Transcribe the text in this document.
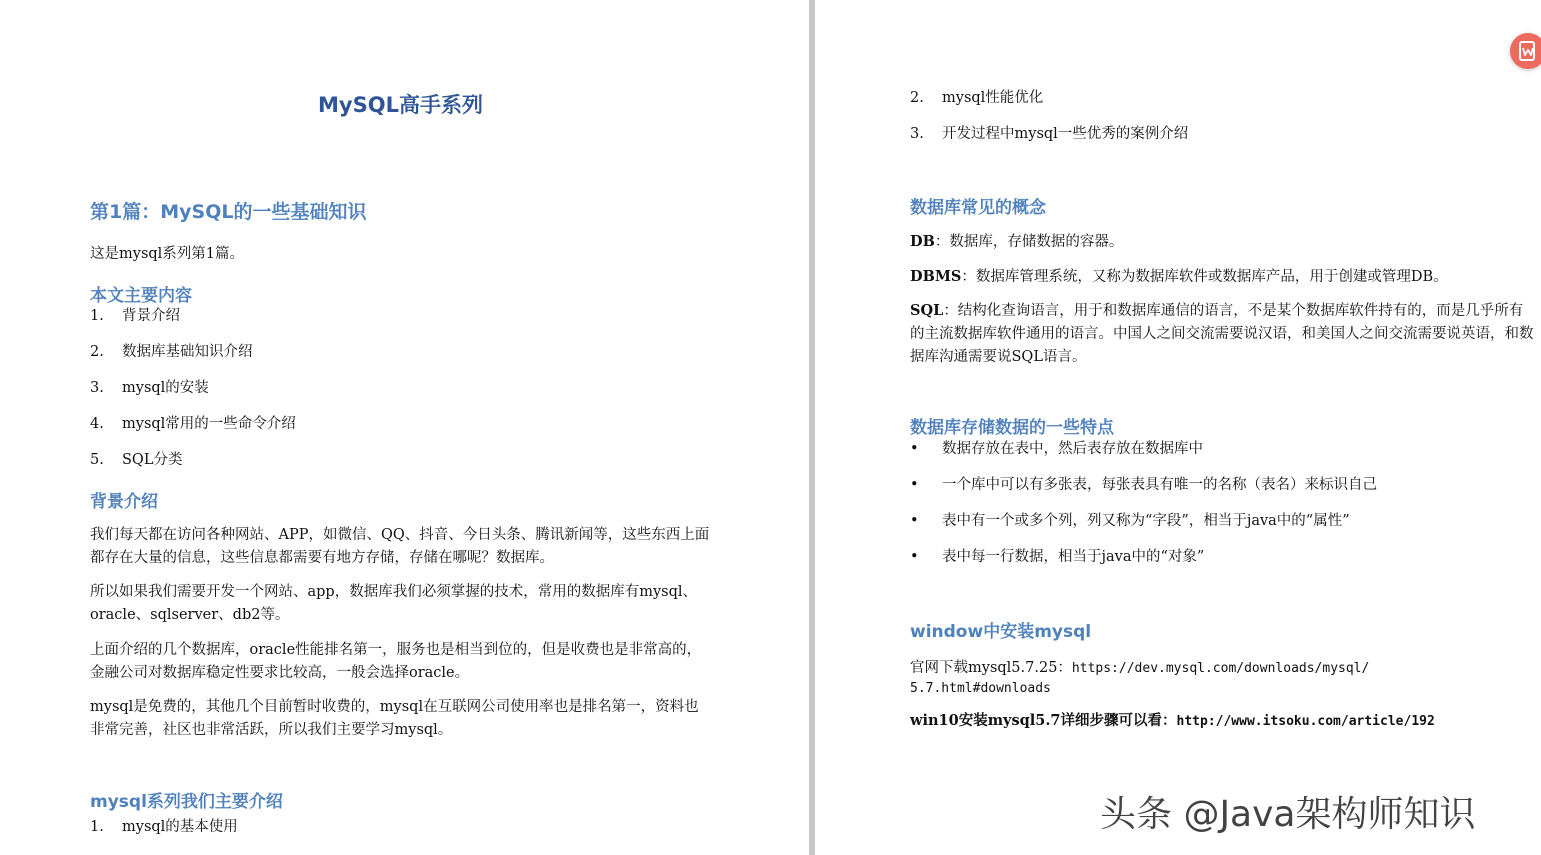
MySQL高手系列
第1篇：MySQL的一些基础知识
这是mysql系列第1篇。
本文主要内容
1. 背景介绍
2. 数据库基础知识介绍
3. mysql的安装
4. mysql常用的一些命令介绍
5. SQL分类
背景介绍
我们每天都在访问各种网站、APP，如微信、QQ、抖音、今日头条、腾讯新闻等，这些东西上面都存在大量的信息，这些信息都需要有地方存储，存储在哪呢？数据库。
所以如果我们需要开发一个网站、app，数据库我们必须掌握的技术，常用的数据库有mysql、oracle、sqlserver、db2等。
上面介绍的几个数据库，oracle性能排名第一，服务也是相当到位的，但是收费也是非常高的，金融公司对数据库稳定性要求比较高，一般会选择oracle。
mysql是免费的，其他几个目前暂时收费的，mysql在互联网公司使用率也是排名第一，资料也非常完善，社区也非常活跃，所以我们主要学习mysql。
mysql系列我们主要介绍
1. mysql的基本使用
2. mysql性能优化
3. 开发过程中mysql一些优秀的案例介绍
数据库常见的概念
DB：数据库，存储数据的容器。
DBMS：数据库管理系统，又称为数据库软件或数据库产品，用于创建或管理DB。
SQL：结构化查询语言，用于和数据库通信的语言，不是某个数据库软件持有的，而是几乎所有的主流数据库软件通用的语言。中国人之间交流需要说汉语，和美国人之间交流需要说英语，和数据库沟通需要说SQL语言。
数据库存储数据的一些特点
• 数据存放在表中，然后表存放在数据库中
• 一个库中可以有多张表，每张表具有唯一的名称（表名）来标识自己
• 表中有一个或多个列，列又称为“字段”，相当于java中的“属性”
• 表中每一行数据，相当于java中的“对象”
window中安装mysql
官网下载mysql5.7.25：https://dev.mysql.com/downloads/mysql/
5.7.html#downloads
win10安装mysql5.7详细步骤可以看：http://www.itsoku.com/article/192
头条 @Java架构师知识
